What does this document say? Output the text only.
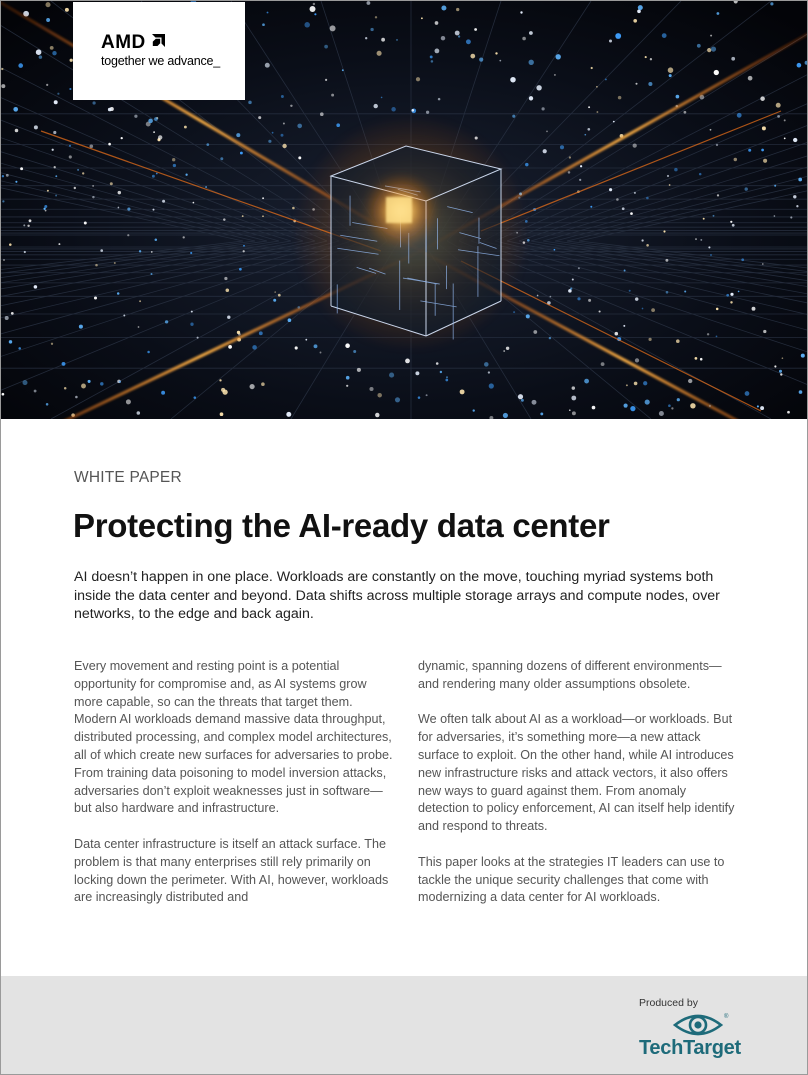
AMD
together we advance_
WHITE PAPER
Protecting the AI-ready data center

AI doesn’t happen in one place. Workloads are constantly on the move, touching myriad systems both inside the data center and beyond. Data shifts across multiple storage arrays and compute nodes, over networks, to the edge and back again.

Every movement and resting point is a potential opportunity for compromise and, as AI systems grow more capable, so can the threats that target them. Modern AI workloads demand massive data throughput, distributed processing, and complex model architectures, all of which create new surfaces for adversaries to probe. From training data poisoning to model inversion attacks, adversaries don’t exploit weaknesses just in software—but also hardware and infrastructure.

Data center infrastructure is itself an attack surface. The problem is that many enterprises still rely primarily on locking down the perimeter. With AI, however, workloads are increasingly distributed and

dynamic, spanning dozens of different environments—and rendering many older assumptions obsolete.

We often talk about AI as a workload—or workloads. But for adversaries, it’s something more—a new attack surface to exploit. On the other hand, while AI introduces new infrastructure risks and attack vectors, it also offers new ways to guard against them. From anomaly detection to policy enforcement, AI can itself help identify and respond to threats.

This paper looks at the strategies IT leaders can use to tackle the unique security challenges that come with modernizing a data center for AI workloads.

Produced by
®
TechTarget
